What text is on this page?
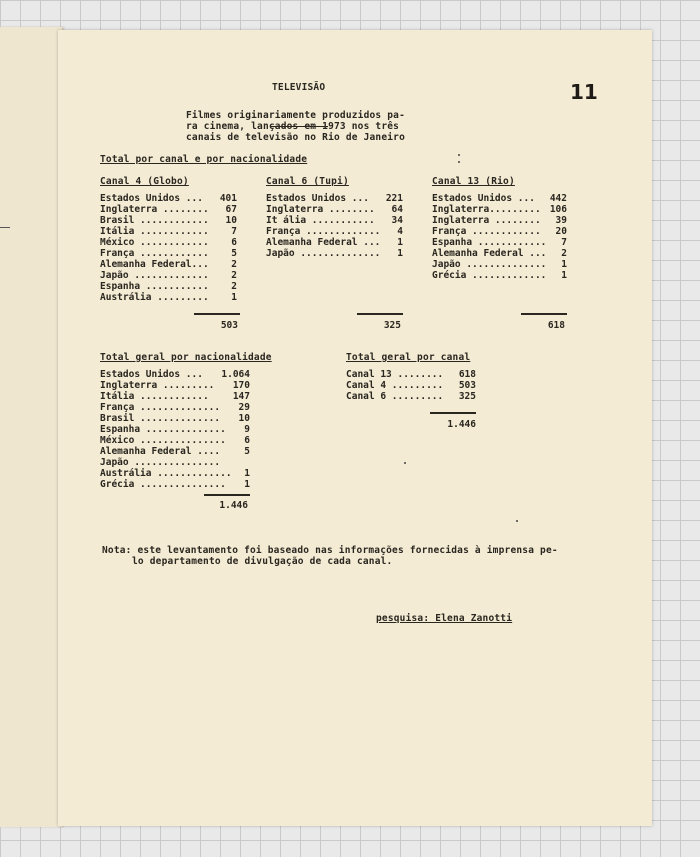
11
TELEVISÃO
Filmes originariamente produzidos pa-
ra cinema, lançados em 1973 nos três
canais de televisão no Rio de Janeiro
Total por canal e por nacionalidade
Canal 4 (Globo)
Estados Unidos ... 401
Inglaterra ........ 67
Brasil ............ 10
Itália ............ 7
México ............ 6
França ............ 5
Alemanha Federal... 2
Japão ............. 2
Espanha ........... 2
Austrália ......... 1
503
Canal 6 (Tupi)
Estados Unidos ... 221
Inglaterra ........ 64
It ália ........... 34
França ............. 4
Alemanha Federal ... 1
Japão .............. 1
325
Canal 13 (Rio)
Estados Unidos ... 442
Inglaterra......... 106
Inglaterra ........ 39
França ............ 20
Espanha ............ 7
Alemanha Federal ... 2
Japão .............. 1
Grécia ............. 1
618
Total geral por nacionalidade
Estados Unidos ... 1.064
Inglaterra ......... 170
Itália ............	147
França .............. 29
Brasil .............. 10
Espanha .............. 9
México ............... 6
Alemanha Federal ....	5
Japão ...............
Austrália ............. 1
Grécia ............... 1
1.446
Total geral por canal
Canal 13 ........ 618
Canal 4 ......... 503
Canal 6 ......... 325
1.446
Nota: este levantamento foi baseado nas informações fornecidas à imprensa pe-
lo departamento de divulgação de cada canal.
pesquisa: Elena Zanotti
